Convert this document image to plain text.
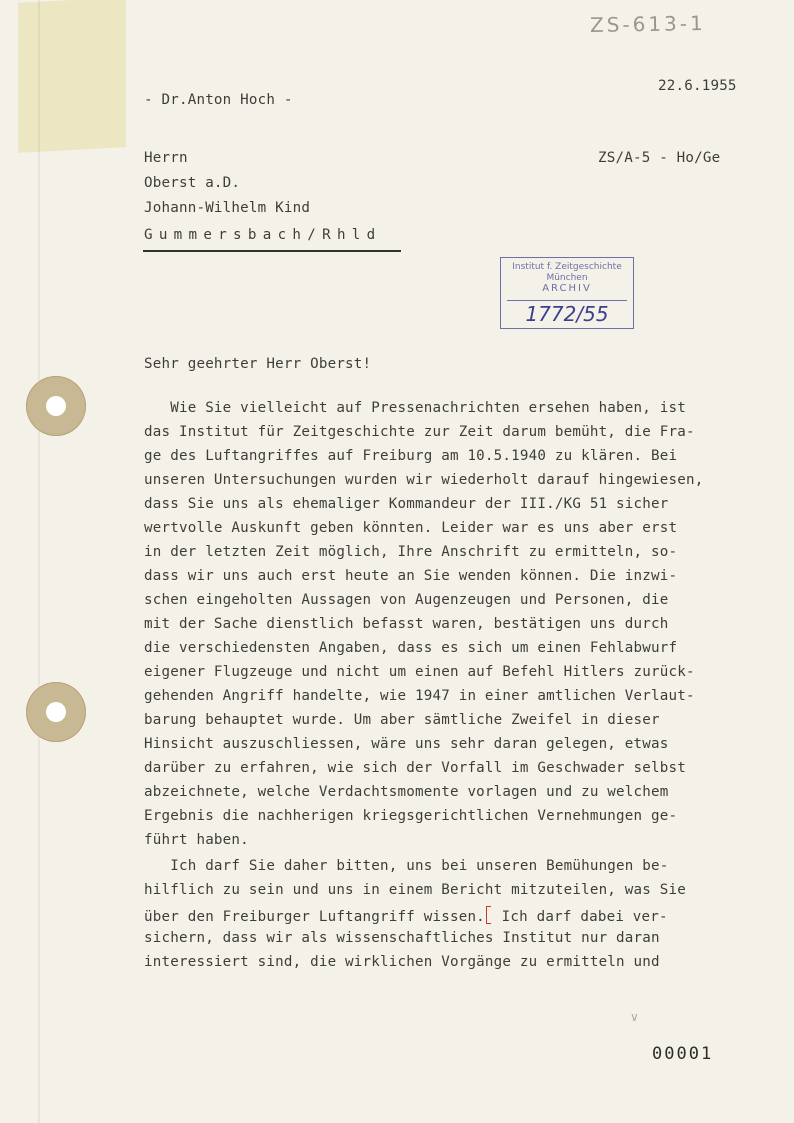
ZS-613-1
22.6.1955
- Dr.Anton Hoch -
Herrn
Oberst a.D.
Johann-Wilhelm Kind
ZS/A-5 - Ho/Ge
Gummersbach/Rhld
Institut f. Zeitgeschichte
München
ARCHIV
1772/55
Sehr geehrter Herr Oberst!
Wie Sie vielleicht auf Pressenachrichten ersehen haben, ist
das Institut für Zeitgeschichte zur Zeit darum bemüht, die Fra-
ge des Luftangriffes auf Freiburg am 10.5.1940 zu klären. Bei
unseren Untersuchungen wurden wir wiederholt darauf hingewiesen,
dass Sie uns als ehemaliger Kommandeur der III./KG 51 sicher
wertvolle Auskunft geben könnten. Leider war es uns aber erst
in der letzten Zeit möglich, Ihre Anschrift zu ermitteln, so-
dass wir uns auch erst heute an Sie wenden können. Die inzwi-
schen eingeholten Aussagen von Augenzeugen und Personen, die
mit der Sache dienstlich befasst waren, bestätigen uns durch
die verschiedensten Angaben, dass es sich um einen Fehlabwurf
eigener Flugzeuge und nicht um einen auf Befehl Hitlers zurück-
gehenden Angriff handelte, wie 1947 in einer amtlichen Verlaut-
barung behauptet wurde. Um aber sämtliche Zweifel in dieser
Hinsicht auszuschliessen, wäre uns sehr daran gelegen, etwas
darüber zu erfahren, wie sich der Vorfall im Geschwader selbst
abzeichnete, welche Verdachtsmomente vorlagen und zu welchem
Ergebnis die nachherigen kriegsgerichtlichen Vernehmungen ge-
führt haben.
Ich darf Sie daher bitten, uns bei unseren Bemühungen be-
hilflich zu sein und uns in einem Bericht mitzuteilen, was Sie
über den Freiburger Luftangriff wissen. Ich darf dabei ver-
sichern, dass wir als wissenschaftliches Institut nur daran
interessiert sind, die wirklichen Vorgänge zu ermitteln und
∨
00001
